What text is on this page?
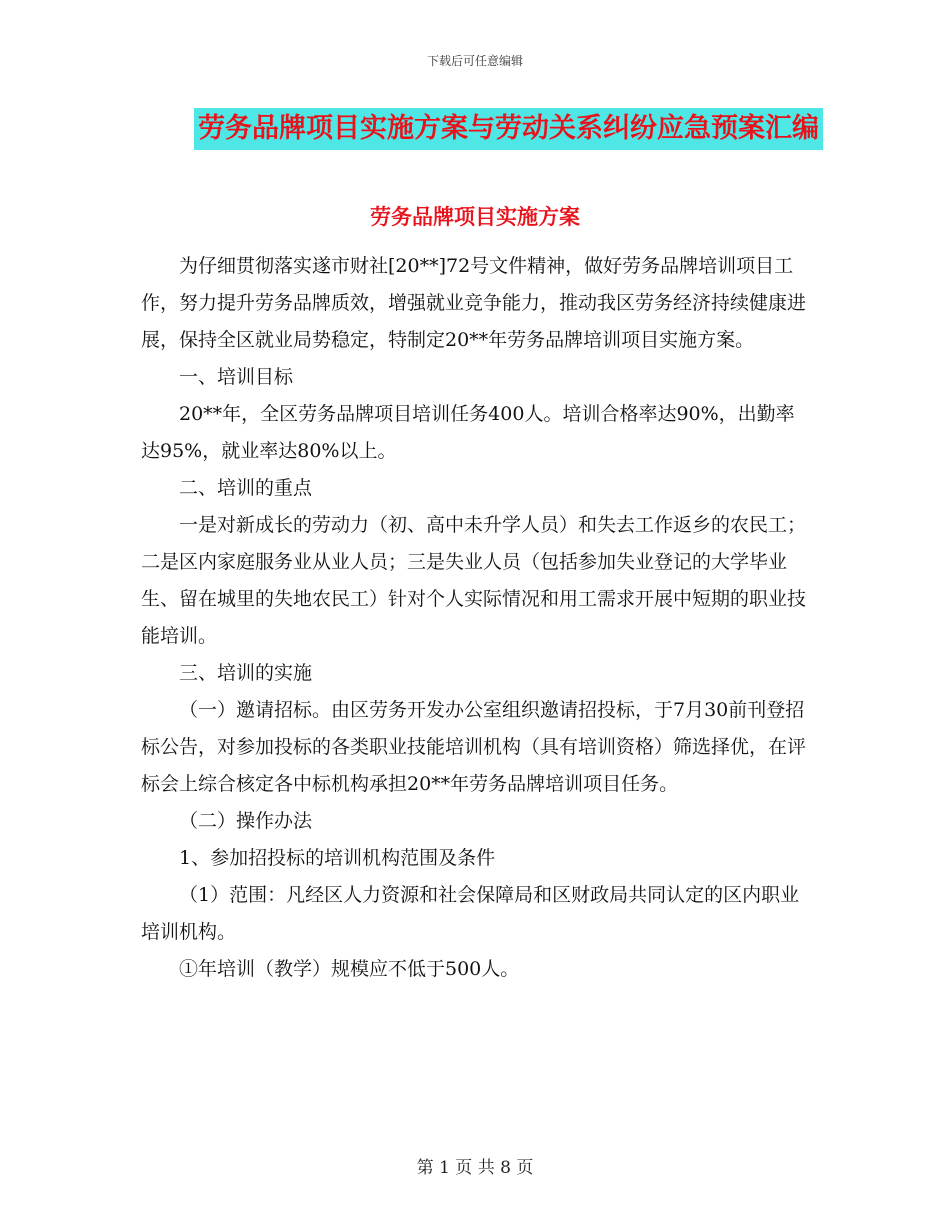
下载后可任意编辑
劳务品牌项目实施方案与劳动关系纠纷应急预案汇编
劳务品牌项目实施方案

为仔细贯彻落实遂市财社[20**]72号文件精神，做好劳务品牌培训项目工作，努力提升劳务品牌质效，增强就业竞争能力，推动我区劳务经济持续健康进展，保持全区就业局势稳定，特制定20**年劳务品牌培训项目实施方案。

一、培训目标

20**年，全区劳务品牌项目培训任务400人。培训合格率达90%，出勤率达95%，就业率达80%以上。

二、培训的重点

一是对新成长的劳动力（初、高中未升学人员）和失去工作返乡的农民工；二是区内家庭服务业从业人员；三是失业人员（包括参加失业登记的大学毕业生、留在城里的失地农民工）针对个人实际情况和用工需求开展中短期的职业技能培训。

三、培训的实施

（一）邀请招标。由区劳务开发办公室组织邀请招投标，于7月30前刊登招标公告，对参加投标的各类职业技能培训机构（具有培训资格）筛选择优，在评标会上综合核定各中标机构承担20**年劳务品牌培训项目任务。

（二）操作办法

1、参加招投标的培训机构范围及条件

（1）范围：凡经区人力资源和社会保障局和区财政局共同认定的区内职业培训机构。

①年培训（教学）规模应不低于500人。

第 1 页 共 8 页
